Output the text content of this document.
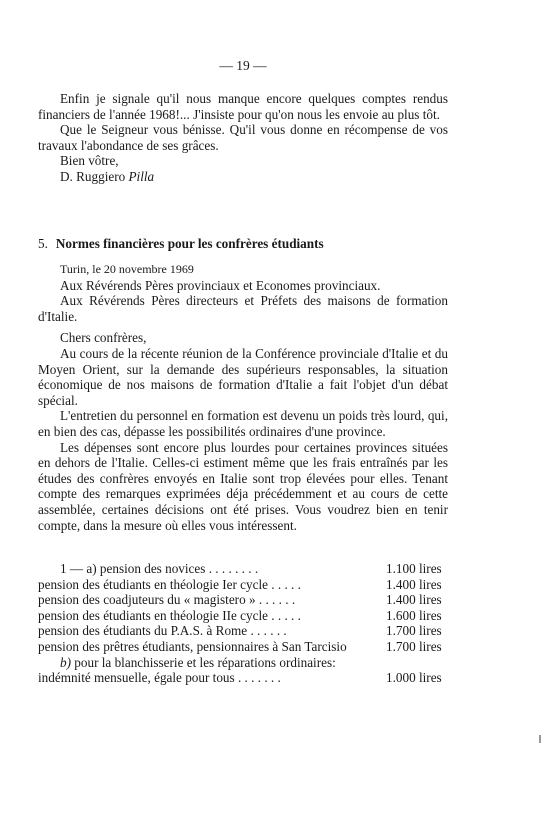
— 19 —

Enfin je signale qu'il nous manque encore quelques comptes rendus financiers de l'année 1968!... J'insiste pour qu'on nous les envoie au plus tôt.

Que le Seigneur vous bénisse. Qu'il vous donne en récompense de vos travaux l'abondance de ses grâces.

Bien vôtre,

D. Ruggiero Pilla

5. Normes financières pour les confrères étudiants

Turin, le 20 novembre 1969

Aux Révérends Pères provinciaux et Economes provinciaux.

Aux Révérends Pères directeurs et Préfets des maisons de formation d'Italie.

Chers confrères,

Au cours de la récente réunion de la Conférence provinciale d'Italie et du Moyen Orient, sur la demande des supérieurs responsables, la situation économique de nos maisons de formation d'Italie a fait l'objet d'un débat spécial.

L'entretien du personnel en formation est devenu un poids très lourd, qui, en bien des cas, dépasse les possibilités ordinaires d'une province.

Les dépenses sont encore plus lourdes pour certaines provinces situées en dehors de l'Italie. Celles-ci estiment même que les frais entraînés par les études des confrères envoyés en Italie sont trop élevées pour elles. Tenant compte des remarques exprimées déja précédemment et au cours de cette assemblée, certaines décisions ont été prises. Vous voudrez bien en tenir compte, dans la mesure où elles vous intéressent.

1 — a) pension des novices . . . . . . . .	1.100 lires
pension des étudiants en théologie Ier cycle . . . . .	1.400 lires
pension des coadjuteurs du « magistero » . . . . . .	1.400 lires
pension des étudiants en théologie IIe cycle . . . . .	1.600 lires
pension des étudiants du P.A.S. à Rome . . . . . .	1.700 lires
pension des prêtres étudiants, pensionnaires à San Tarcisio	1.700 lires
b) pour la blanchisserie et les réparations ordinaires:
indémnité mensuelle, égale pour tous . . . . . . .	1.000 lires
